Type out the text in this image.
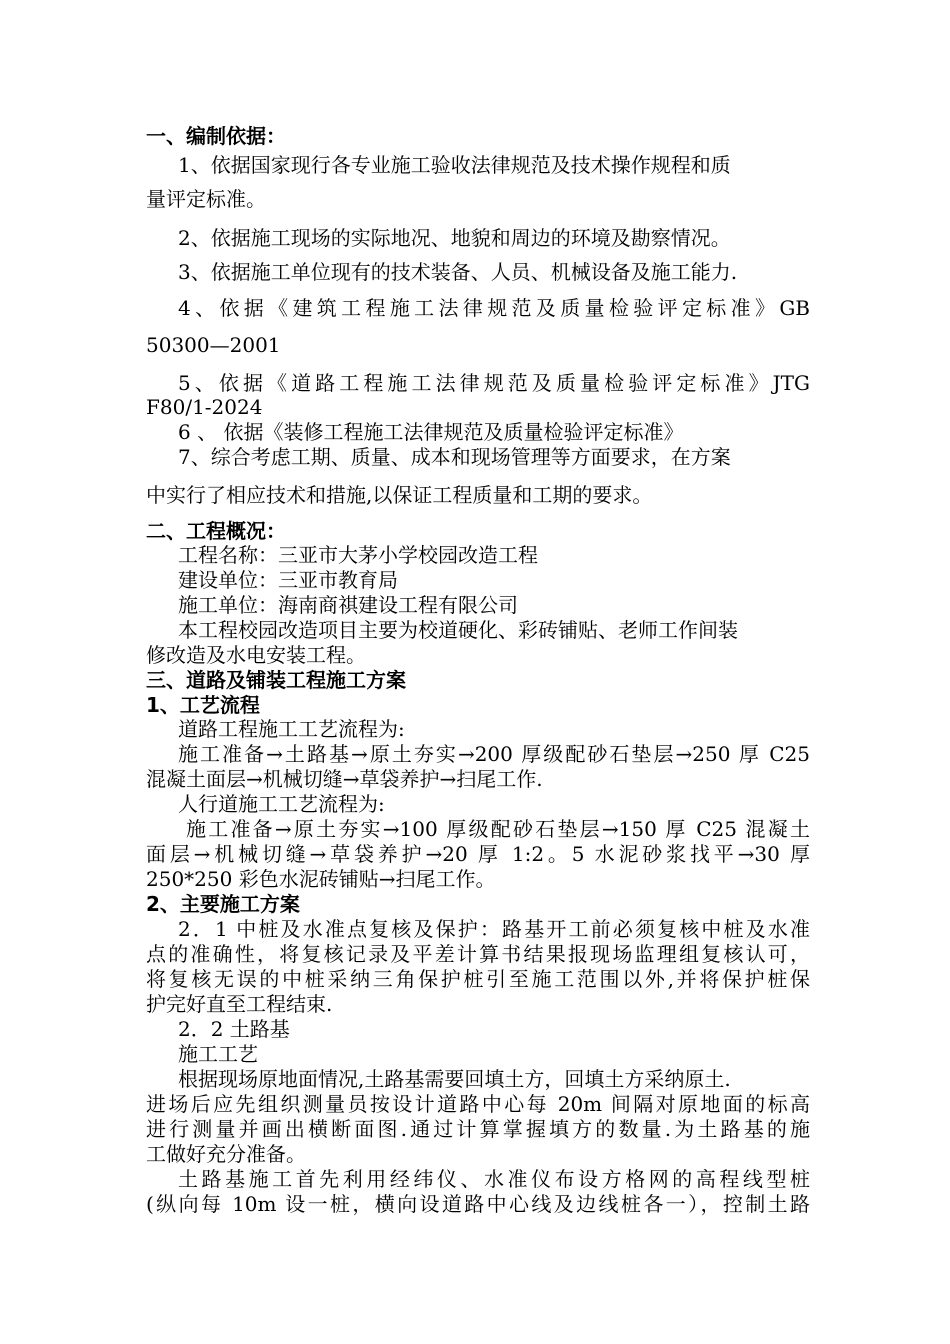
一、编制依据：

1、依据国家现行各专业施工验收法律规范及技术操作规程和质

量评定标准。

2、依据施工现场的实际地况、地貌和周边的环境及勘察情况。

3、依据施工单位现有的技术装备、人员、机械设备及施工能力.

4、依据《建筑工程施工法律规范及质量检验评定标准》GB

50300—2001

5、依据《道路工程施工法律规范及质量检验评定标准》JTG

F80/1-2024

6 、 依据《装修工程施工法律规范及质量检验评定标准》

7、综合考虑工期、质量、成本和现场管理等方面要求，在方案

中实行了相应技术和措施,以保证工程质量和工期的要求。

二、工程概况：

工程名称：三亚市大茅小学校园改造工程

建设单位：三亚市教育局

施工单位：海南商祺建设工程有限公司

本工程校园改造项目主要为校道硬化、彩砖铺贴、老师工作间装

修改造及水电安装工程。

三、道路及铺装工程施工方案

1、工艺流程

道路工程施工工艺流程为:

施工准备→土路基→原土夯实→200 厚级配砂石垫层→250 厚 C25

混凝土面层→机械切缝→草袋养护→扫尾工作.

人行道施工工艺流程为:

施工准备→原土夯实→100 厚级配砂石垫层→150 厚 C25 混凝土

面层→机械切缝→草袋养护→20 厚 1:2。5 水泥砂浆找平→30 厚

250*250 彩色水泥砖铺贴→扫尾工作。

2、主要施工方案

2．1 中桩及水准点复核及保护：路基开工前必须复核中桩及水准

点的准确性，将复核记录及平差计算书结果报现场监理组复核认可，

将复核无误的中桩采纳三角保护桩引至施工范围以外,并将保护桩保

护完好直至工程结束.

2．2 土路基

施工工艺

根据现场原地面情况,土路基需要回填土方，回填土方采纳原土.

进场后应先组织测量员按设计道路中心每 20m 间隔对原地面的标高

进行测量并画出横断面图.通过计算掌握填方的数量.为土路基的施

工做好充分准备。

土路基施工首先利用经纬仪、水准仪布设方格网的高程线型桩

(纵向每 10m 设一桩，横向设道路中心线及边线桩各一），控制土路
